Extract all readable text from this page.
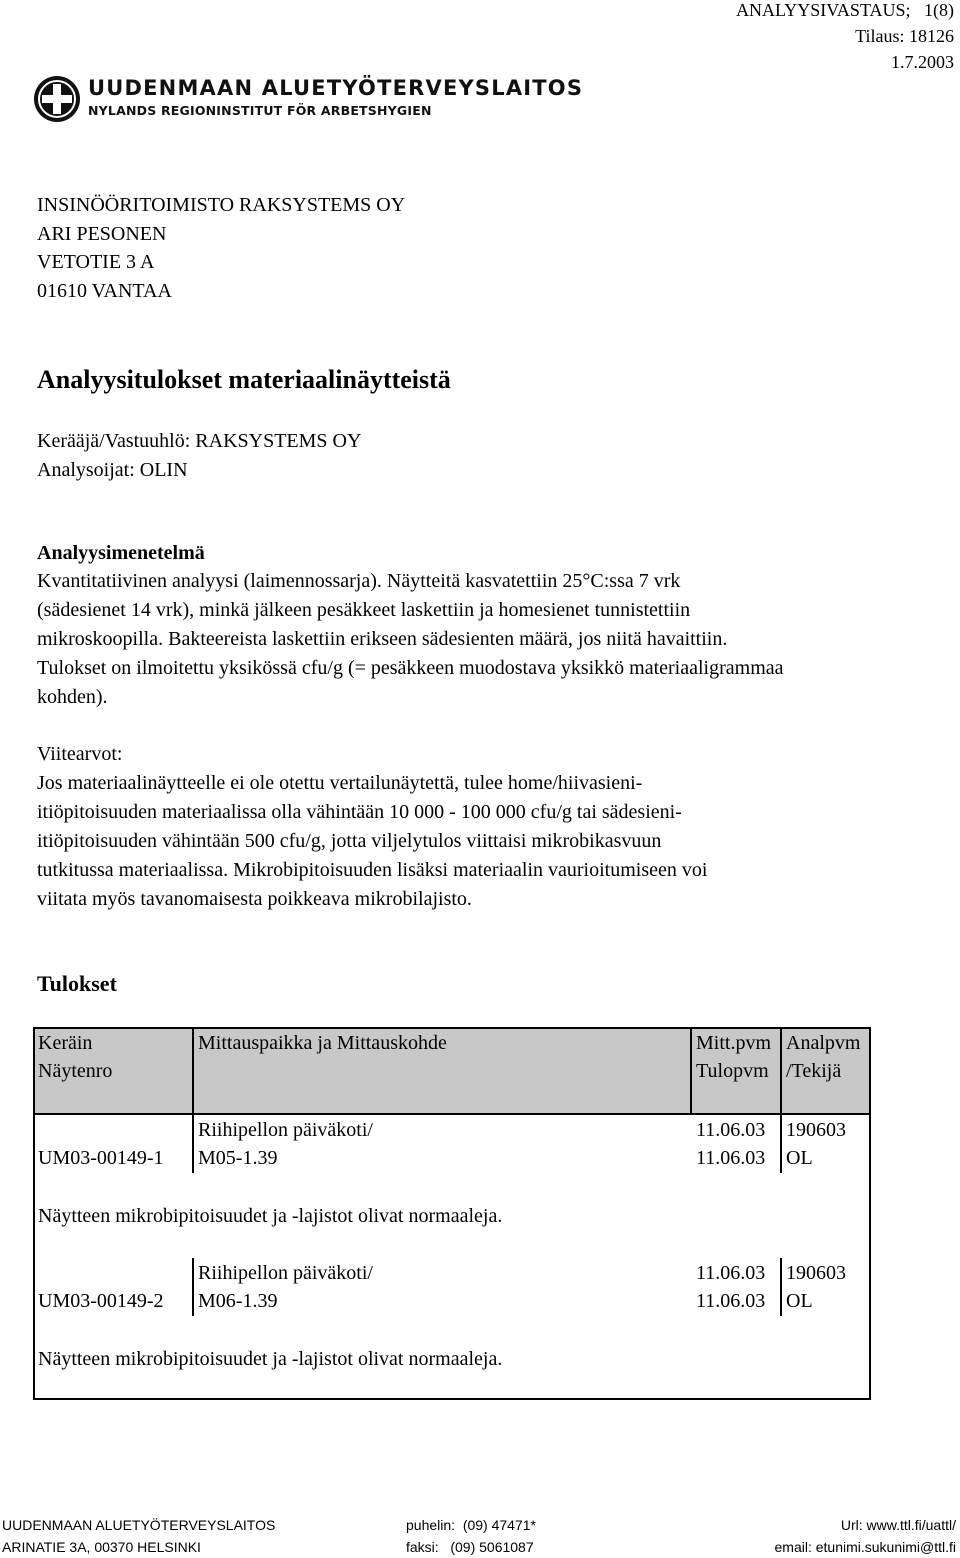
ANALYYSIVASTAUS;   1(8)
Tilaus: 18126
1.7.2003
UUDENMAAN ALUETYÖTERVEYSLAITOS
NYLANDS REGIONINSTITUT FÖR ARBETSHYGIEN
INSINÖÖRITOIMISTO RAKSYSTEMS OY
ARI PESONEN
VETOTIE 3 A
01610 VANTAA
Analyysitulokset materiaalinäytteistä
Kerääjä/Vastuuhlö: RAKSYSTEMS OY
Analysoijat: OLIN
Analyysimenetelmä
Kvantitatiivinen analyysi (laimennossarja). Näytteitä kasvatettiin 25°C:ssa 7 vrk
(sädesienet 14 vrk), minkä jälkeen pesäkkeet laskettiin ja homesienet tunnistettiin
mikroskoopilla. Bakteereista laskettiin erikseen sädesienten määrä, jos niitä havaittiin.
Tulokset on ilmoitettu yksikössä cfu/g (= pesäkkeen muodostava yksikkö materiaaligrammaa
kohden).
Viitearvot:
Jos materiaalinäytteelle ei ole otettu vertailunäytettä, tulee home/hiivasieni-
itiöpitoisuuden materiaalissa olla vähintään 10 000 - 100 000 cfu/g tai sädesieni-
itiöpitoisuuden vähintään 500 cfu/g, jotta viljelytulos viittaisi mikrobikasvuun
tutkitussa materiaalissa. Mikrobipitoisuuden lisäksi materiaalin vaurioitumiseen voi
viitata myös tavanomaisesta poikkeava mikrobilajisto.
Tulokset
Keräin
Näytenro
Mittauspaikka ja Mittauskohde	Mitt.pvm
Tulopvm
Analpvm
/Tekijä
UM03-00149-1
Riihipellon päiväkoti/
M05-1.39
11.06.03
11.06.03
190603
OL
Näytteen mikrobipitoisuudet ja -lajistot olivat normaaleja.
UM03-00149-2
Riihipellon päiväkoti/
M06-1.39
11.06.03
11.06.03
190603
OL
Näytteen mikrobipitoisuudet ja -lajistot olivat normaaleja.
UUDENMAAN ALUETYÖTERVEYSLAITOS
ARINATIE 3A, 00370 HELSINKI
puhelin:  (09) 47471*
faksi:   (09) 5061087
Url: www.ttl.fi/uattl/
email: etunimi.sukunimi@ttl.fi
